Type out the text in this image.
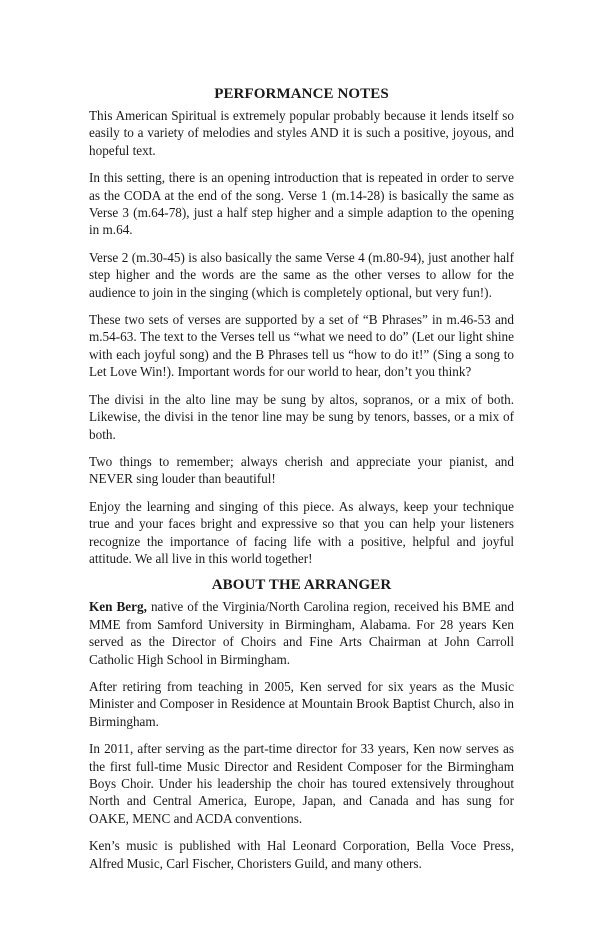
PERFORMANCE NOTES

This American Spiritual is extremely popular probably because it lends itself so easily to a variety of melodies and styles AND it is such a positive, joyous, and hopeful text.

In this setting, there is an opening introduction that is repeated in order to serve as the CODA at the end of the song. Verse 1 (m.14-28) is basically the same as Verse 3 (m.64-78), just a half step higher and a simple adaption to the opening in m.64.

Verse 2 (m.30-45) is also basically the same Verse 4 (m.80-94), just another half step higher and the words are the same as the other verses to allow for the audience to join in the singing (which is completely optional, but very fun!).

These two sets of verses are supported by a set of “B Phrases” in m.46-53 and m.54-63. The text to the Verses tell us “what we need to do” (Let our light shine with each joyful song) and the B Phrases tell us “how to do it!” (Sing a song to Let Love Win!). Important words for our world to hear, don’t you think?

The divisi in the alto line may be sung by altos, sopranos, or a mix of both. Likewise, the divisi in the tenor line may be sung by tenors, basses, or a mix of both.

Two things to remember; always cherish and appreciate your pianist, and NEVER sing louder than beautiful!

Enjoy the learning and singing of this piece. As always, keep your technique true and your faces bright and expressive so that you can help your listeners recognize the importance of facing life with a positive, helpful and joyful attitude. We all live in this world together!

ABOUT THE ARRANGER

Ken Berg, native of the Virginia/North Carolina region, received his BME and MME from Samford University in Birmingham, Alabama. For 28 years Ken served as the Director of Choirs and Fine Arts Chairman at John Carroll Catholic High School in Birmingham.

After retiring from teaching in 2005, Ken served for six years as the Music Minister and Composer in Residence at Mountain Brook Baptist Church, also in Birmingham.

In 2011, after serving as the part-time director for 33 years, Ken now serves as the first full-time Music Director and Resident Composer for the Birmingham Boys Choir. Under his leadership the choir has toured extensively throughout North and Central America, Europe, Japan, and Canada and has sung for OAKE, MENC and ACDA conventions.

Ken’s music is published with Hal Leonard Corporation, Bella Voce Press, Alfred Music, Carl Fischer, Choristers Guild, and many others.
